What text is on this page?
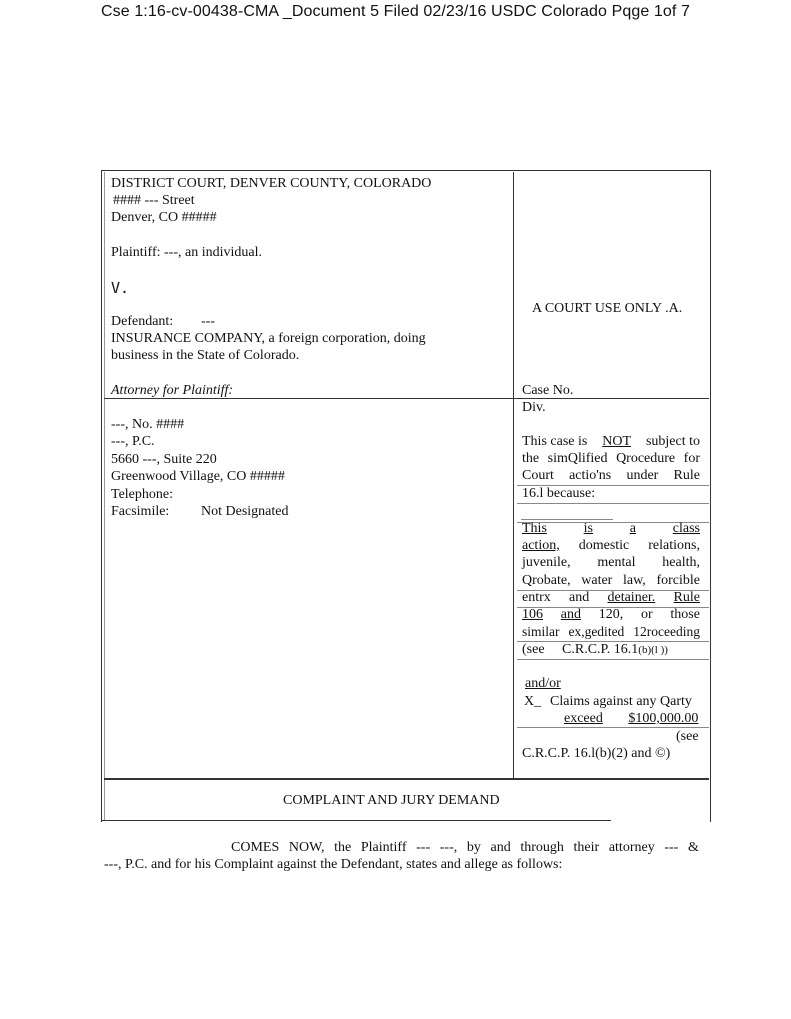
Cse 1:16-cv-00438-CMA _Document 5 Filed 02/23/16 USDC Colorado Pqge 1of 7
DISTRICT COURT, DENVER COUNTY, COLORADO
#### --- Street
Denver, CO #####
Plaintiff: ---, an individual.
V.
Defendant: ---
INSURANCE COMPANY, a foreign corporation, doing
business in the State of Colorado.
Attorney for Plaintiff:
A COURT USE ONLY .A.
Case No.
Div.
---, No. ####
---, P.C.
5660 ---, Suite 220
Greenwood Village, CO #####
Telephone:
Facsimile: Not Designated
This case is NOT subject to
the simQlified Qrocedure for
Court actio'ns under Rule
16.l because:
This	is	a	class
action, domestic relations,
juvenile, mental health,
Qrobate, water law, forcible
entrx and detainer. Rule
106 and 120, or those
similar ex,gedited 12roceeding
(see C.R.C.P. 16.1(b)(l ))
and/or
X_ Claims against any Qarty
exceed $100,000.00
(see
C.R.C.P. 16.l(b)(2) and ©)
COMPLAINT AND JURY DEMAND
COMES NOW, the Plaintiff --- ---, by and through their attorney --- &
---, P.C. and for his Complaint against the Defendant, states and allege as follows:
